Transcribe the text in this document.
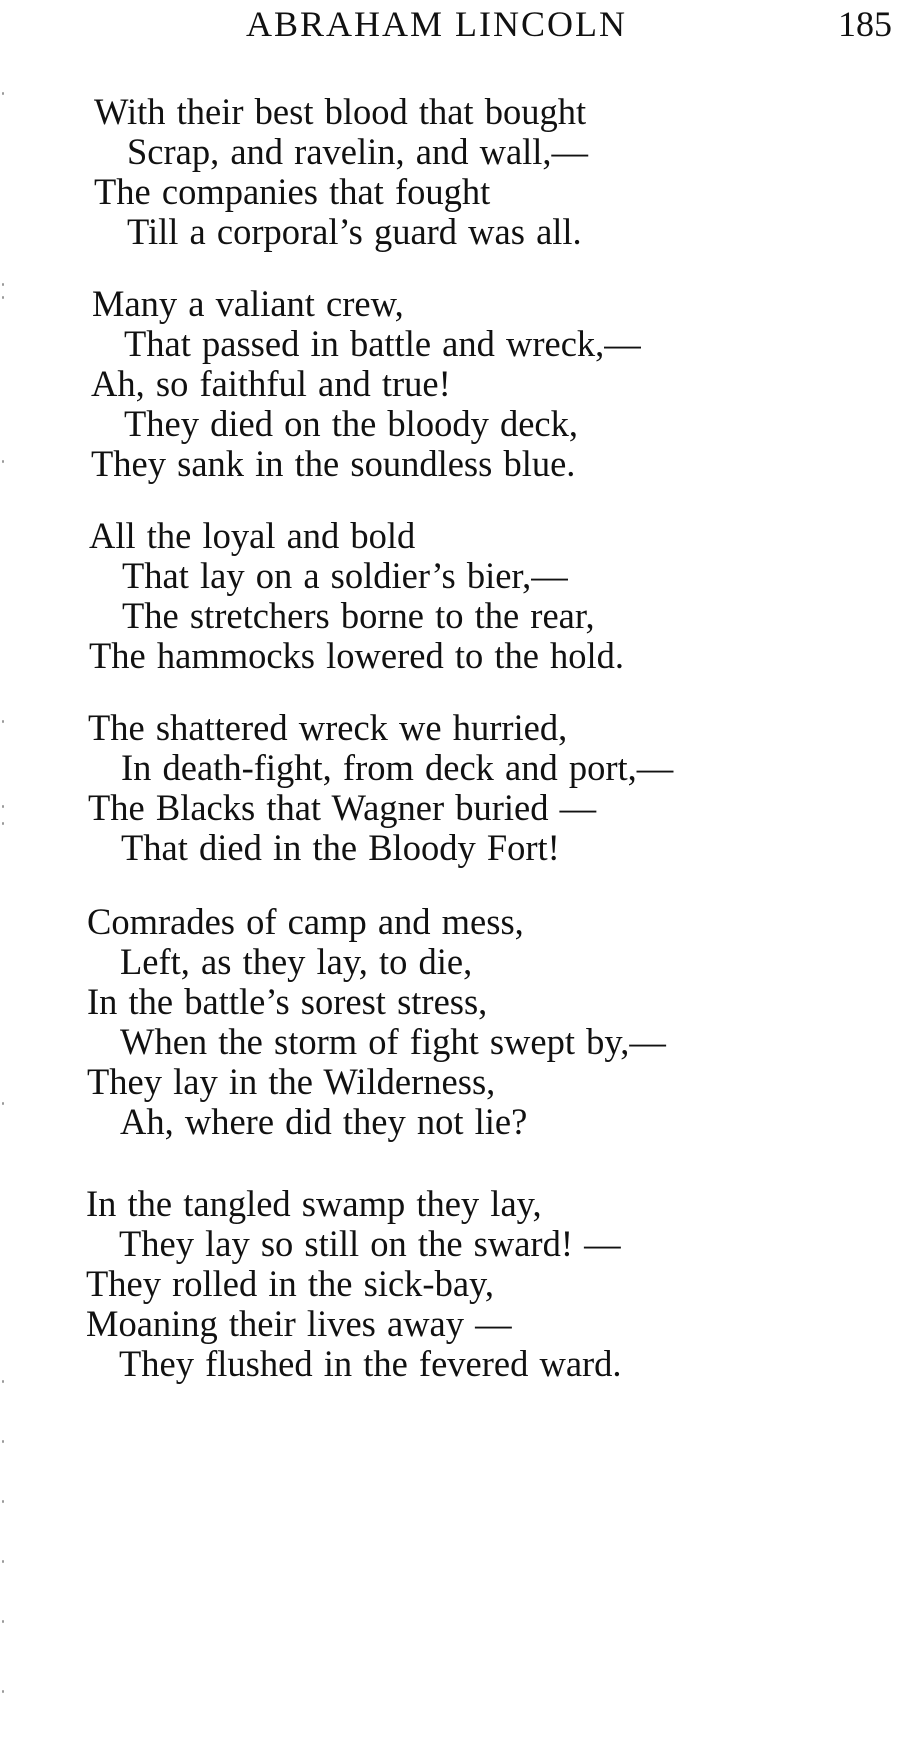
ABRAHAM LINCOLN	185
With their best blood that bought
Scrap, and ravelin, and wall,—
The companies that fought
Till a corporal’s guard was all.
Many a valiant crew,
That passed in battle and wreck,—
Ah, so faithful and true!
They died on the bloody deck,
They sank in the soundless blue.
All the loyal and bold
That lay on a soldier’s bier,—
The stretchers borne to the rear,
The hammocks lowered to the hold.
The shattered wreck we hurried,
In death-fight, from deck and port,—
The Blacks that Wagner buried —
That died in the Bloody Fort!
Comrades of camp and mess,
Left, as they lay, to die,
In the battle’s sorest stress,
When the storm of fight swept by,—
They lay in the Wilderness,
Ah, where did they not lie?
In the tangled swamp they lay,
They lay so still on the sward! —
They rolled in the sick-bay,
Moaning their lives away —
They flushed in the fevered ward.
